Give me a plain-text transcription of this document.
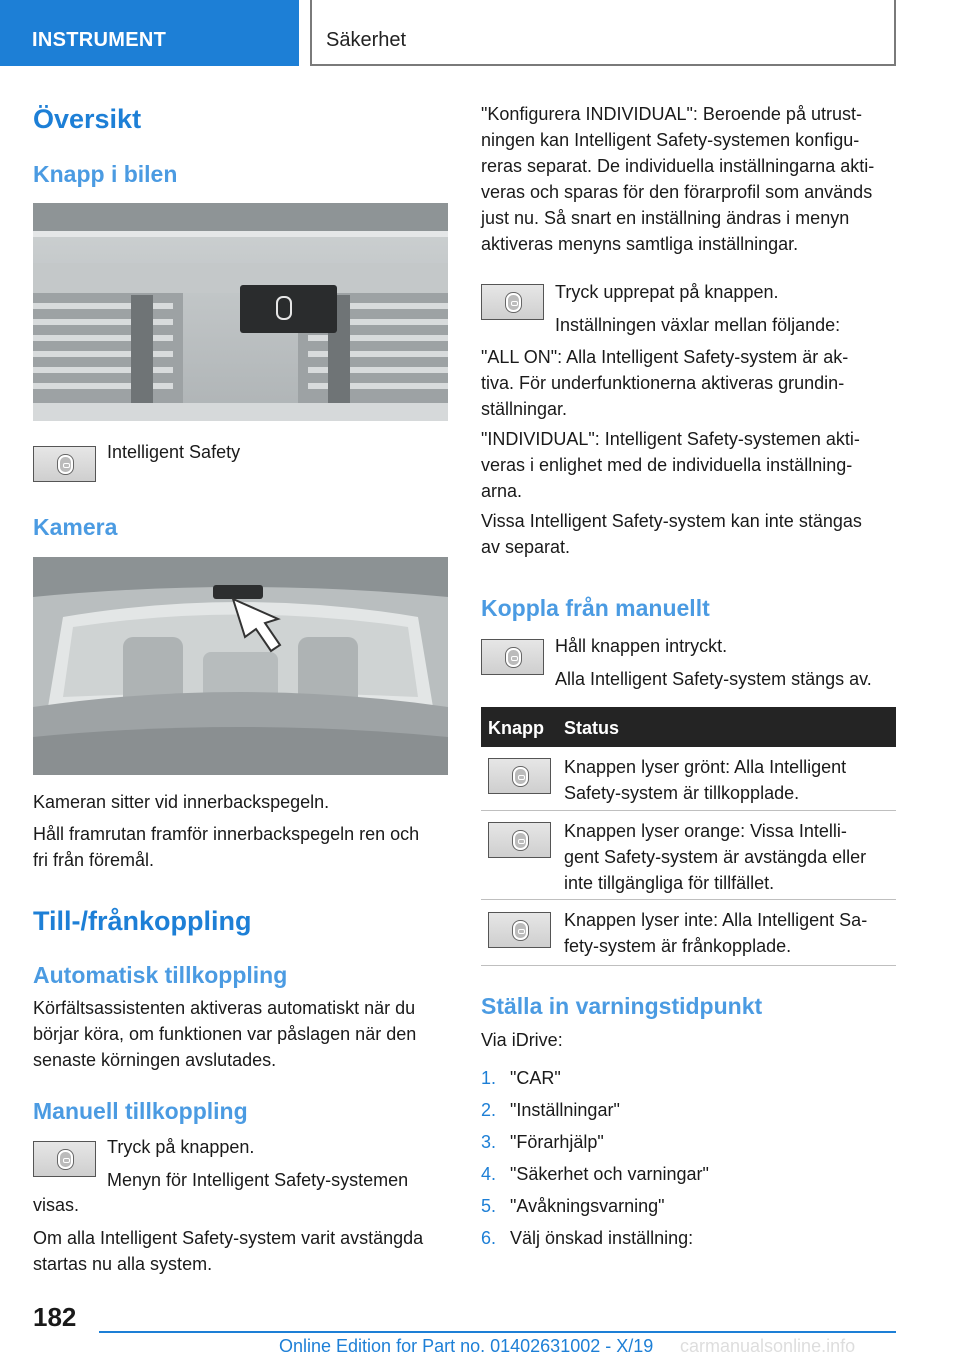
INSTRUMENT	Säkerhet
Översikt
Knapp i bilen
Intelligent Safety
Kamera
Kameran sitter vid innerbackspegeln.
Håll framrutan framför innerbackspegeln ren och
fri från föremål.
Till-/frånkoppling
Automatisk tillkoppling
Körfältsassistenten aktiveras automatiskt när du
börjar köra, om funktionen var påslagen när den
senaste körningen avslutades.
Manuell tillkoppling
Tryck på knappen.
Menyn för Intelligent Safety-systemen
visas.
Om alla Intelligent Safety-system varit avstängda
startas nu alla system.
"Konfigurera INDIVIDUAL": Beroende på utrust-
ningen kan Intelligent Safety-systemen konfigu-
reras separat. De individuella inställningarna akti-
veras och sparas för den förarprofil som används
just nu. Så snart en inställning ändras i menyn
aktiveras menyns samtliga inställningar.
Tryck upprepat på knappen.
Inställningen växlar mellan följande:
"ALL ON": Alla Intelligent Safety-system är ak-
tiva. För underfunktionerna aktiveras grundin-
ställningar.
"INDIVIDUAL": Intelligent Safety-systemen akti-
veras i enlighet med de individuella inställning-
arna.
Vissa Intelligent Safety-system kan inte stängas
av separat.
Koppla från manuellt
Håll knappen intryckt.
Alla Intelligent Safety-system stängs av.
Knapp Status
Knappen lyser grönt: Alla Intelligent
Safety-system är tillkopplade.
Knappen lyser orange: Vissa Intelli-
gent Safety-system är avstängda eller
inte tillgängliga för tillfället.
Knappen lyser inte: Alla Intelligent Sa-
fety-system är frånkopplade.
Ställa in varningstidpunkt
Via iDrive:
1. "CAR"
2. "Inställningar"
3. "Förarhjälp"
4. "Säkerhet och varningar"
5. "Avåkningsvarning"
6. Välj önskad inställning:
182
Online Edition for Part no. 01402631002 - X/19 carmanualsonline.info
